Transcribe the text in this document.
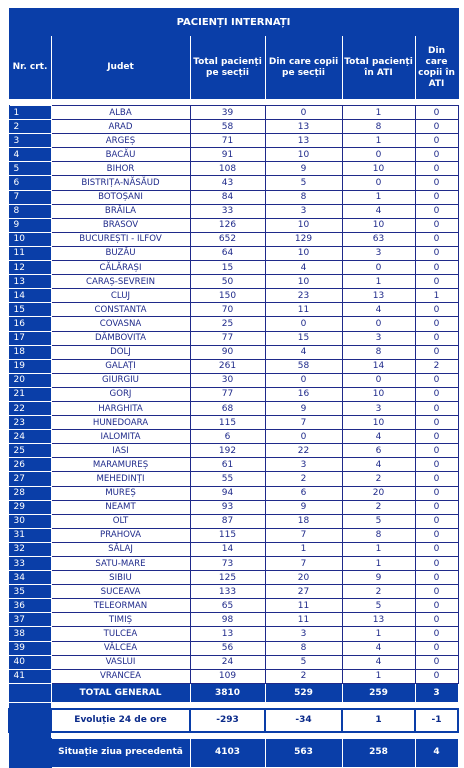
PACIENȚI INTERNAȚI					
Nr. crt.	Judet	Total pacienți pe secții	Din care copii pe secții	Total pacienți în ATI	Din care copii în ATI

1	ALBA	39	0	1	0
2	ARAD	58	13	8	0
3	ARGEȘ	71	13	1	0
4	BACĂU	91	10	0	0
5	BIHOR	108	9	10	0
6	BISTRIȚA-NĂSĂUD	43	5	0	0
7	BOTOȘANI	84	8	1	0
8	BRĂILA	33	3	4	0
9	BRASOV	126	10	10	0
10	BUCUREȘTI - ILFOV	652	129	63	0
11	BUZĂU	64	10	3	0
12	CĂLĂRAȘI	15	4	0	0
13	CARAȘ-SEVREIN	50	10	1	0
14	CLUJ	150	23	13	1
15	CONSTANTA	70	11	4	0
16	COVASNA	25	0	0	0
17	DÂMBOVITA	77	15	3	0
18	DOLJ	90	4	8	0
19	GALAȚI	261	58	14	2
20	GIURGIU	30	0	0	0
21	GORJ	77	16	10	0
22	HARGHITA	68	9	3	0
23	HUNEDOARA	115	7	10	0
24	IALOMITA	6	0	4	0
25	IASI	192	22	6	0
26	MARAMUREȘ	61	3	4	0
27	MEHEDINȚI	55	2	2	0
28	MUREȘ	94	6	20	0
29	NEAMT	93	9	2	0
30	OLT	87	18	5	0
31	PRAHOVA	115	7	8	0
32	SĂLAJ	14	1	1	0
33	SATU-MARE	73	7	1	0
34	SIBIU	125	20	9	0
35	SUCEAVA	133	27	2	0
36	TELEORMAN	65	11	5	0
37	TIMIȘ	98	11	13	0
38	TULCEA	13	3	1	0
39	VÂLCEA	56	8	4	0
40	VASLUI	24	5	4	0
41	VRANCEA	109	2	1	0
	TOTAL GENERAL	3810	529	259	3

	Evoluție 24 de ore	-293	-34	1	-1

	Situație ziua precedentă	4103	563	258	4
